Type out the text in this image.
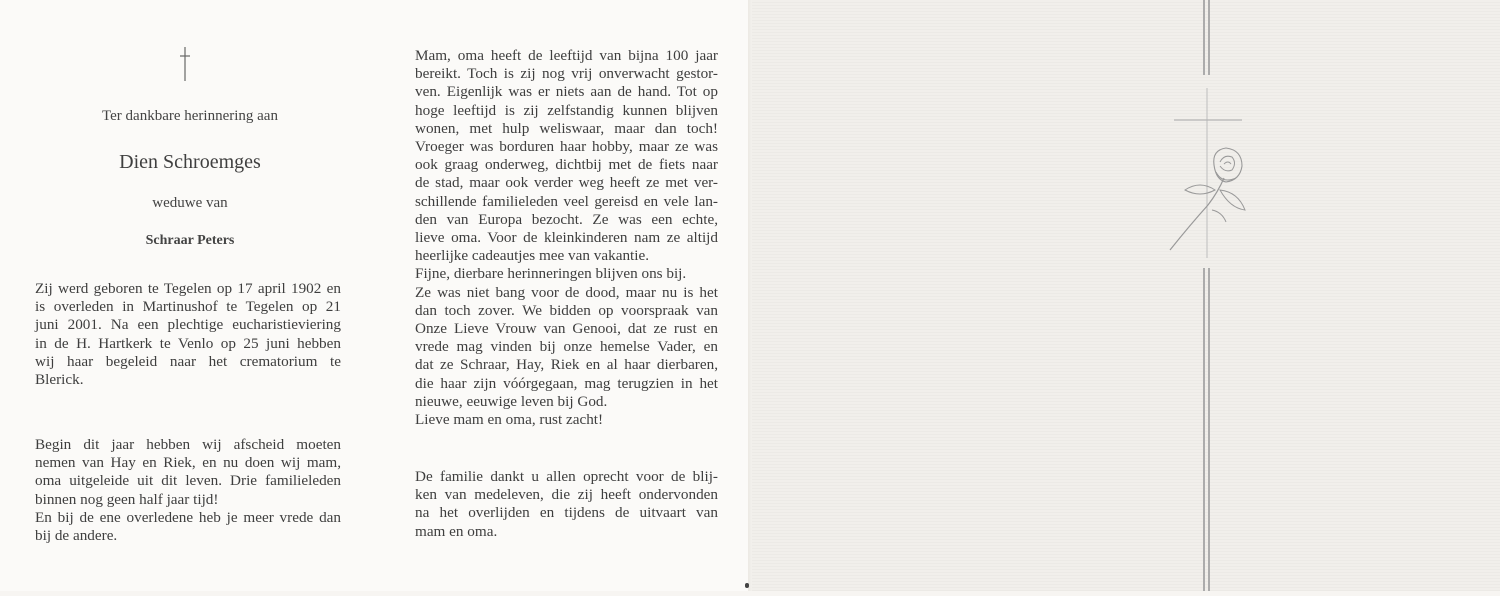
Ter dankbare herinnering aan
Dien Schroemges
weduwe van
Schraar Peters
Zij werd geboren te Tegelen op 17 april 1902 en
is overleden in Martinushof te Tegelen op 21
juni 2001. Na een plechtige eucharistieviering
in de H. Hartkerk te Venlo op 25 juni hebben
wij haar begeleid naar het crematorium te
Blerick.
Begin dit jaar hebben wij afscheid moeten
nemen van Hay en Riek, en nu doen wij mam,
oma uitgeleide uit dit leven. Drie familieleden
binnen nog geen half jaar tijd!
En bij de ene overledene heb je meer vrede dan
bij de andere.
Mam, oma heeft de leeftijd van bijna 100 jaar
bereikt. Toch is zij nog vrij onverwacht gestor-
ven. Eigenlijk was er niets aan de hand. Tot op
hoge leeftijd is zij zelfstandig kunnen blijven
wonen, met hulp weliswaar, maar dan toch!
Vroeger was borduren haar hobby, maar ze was
ook graag onderweg, dichtbij met de fiets naar
de stad, maar ook verder weg heeft ze met ver-
schillende familieleden veel gereisd en vele lan-
den van Europa bezocht. Ze was een echte,
lieve oma. Voor de kleinkinderen nam ze altijd
heerlijke cadeautjes mee van vakantie.
Fijne, dierbare herinneringen blijven ons bij.
Ze was niet bang voor de dood, maar nu is het
dan toch zover. We bidden op voorspraak van
Onze Lieve Vrouw van Genooi, dat ze rust en
vrede mag vinden bij onze hemelse Vader, en
dat ze Schraar, Hay, Riek en al haar dierbaren,
die haar zijn vóórgegaan, mag terugzien in het
nieuwe, eeuwige leven bij God.
Lieve mam en oma, rust zacht!
De familie dankt u allen oprecht voor de blij-
ken van medeleven, die zij heeft ondervonden
na het overlijden en tijdens de uitvaart van
mam en oma.
